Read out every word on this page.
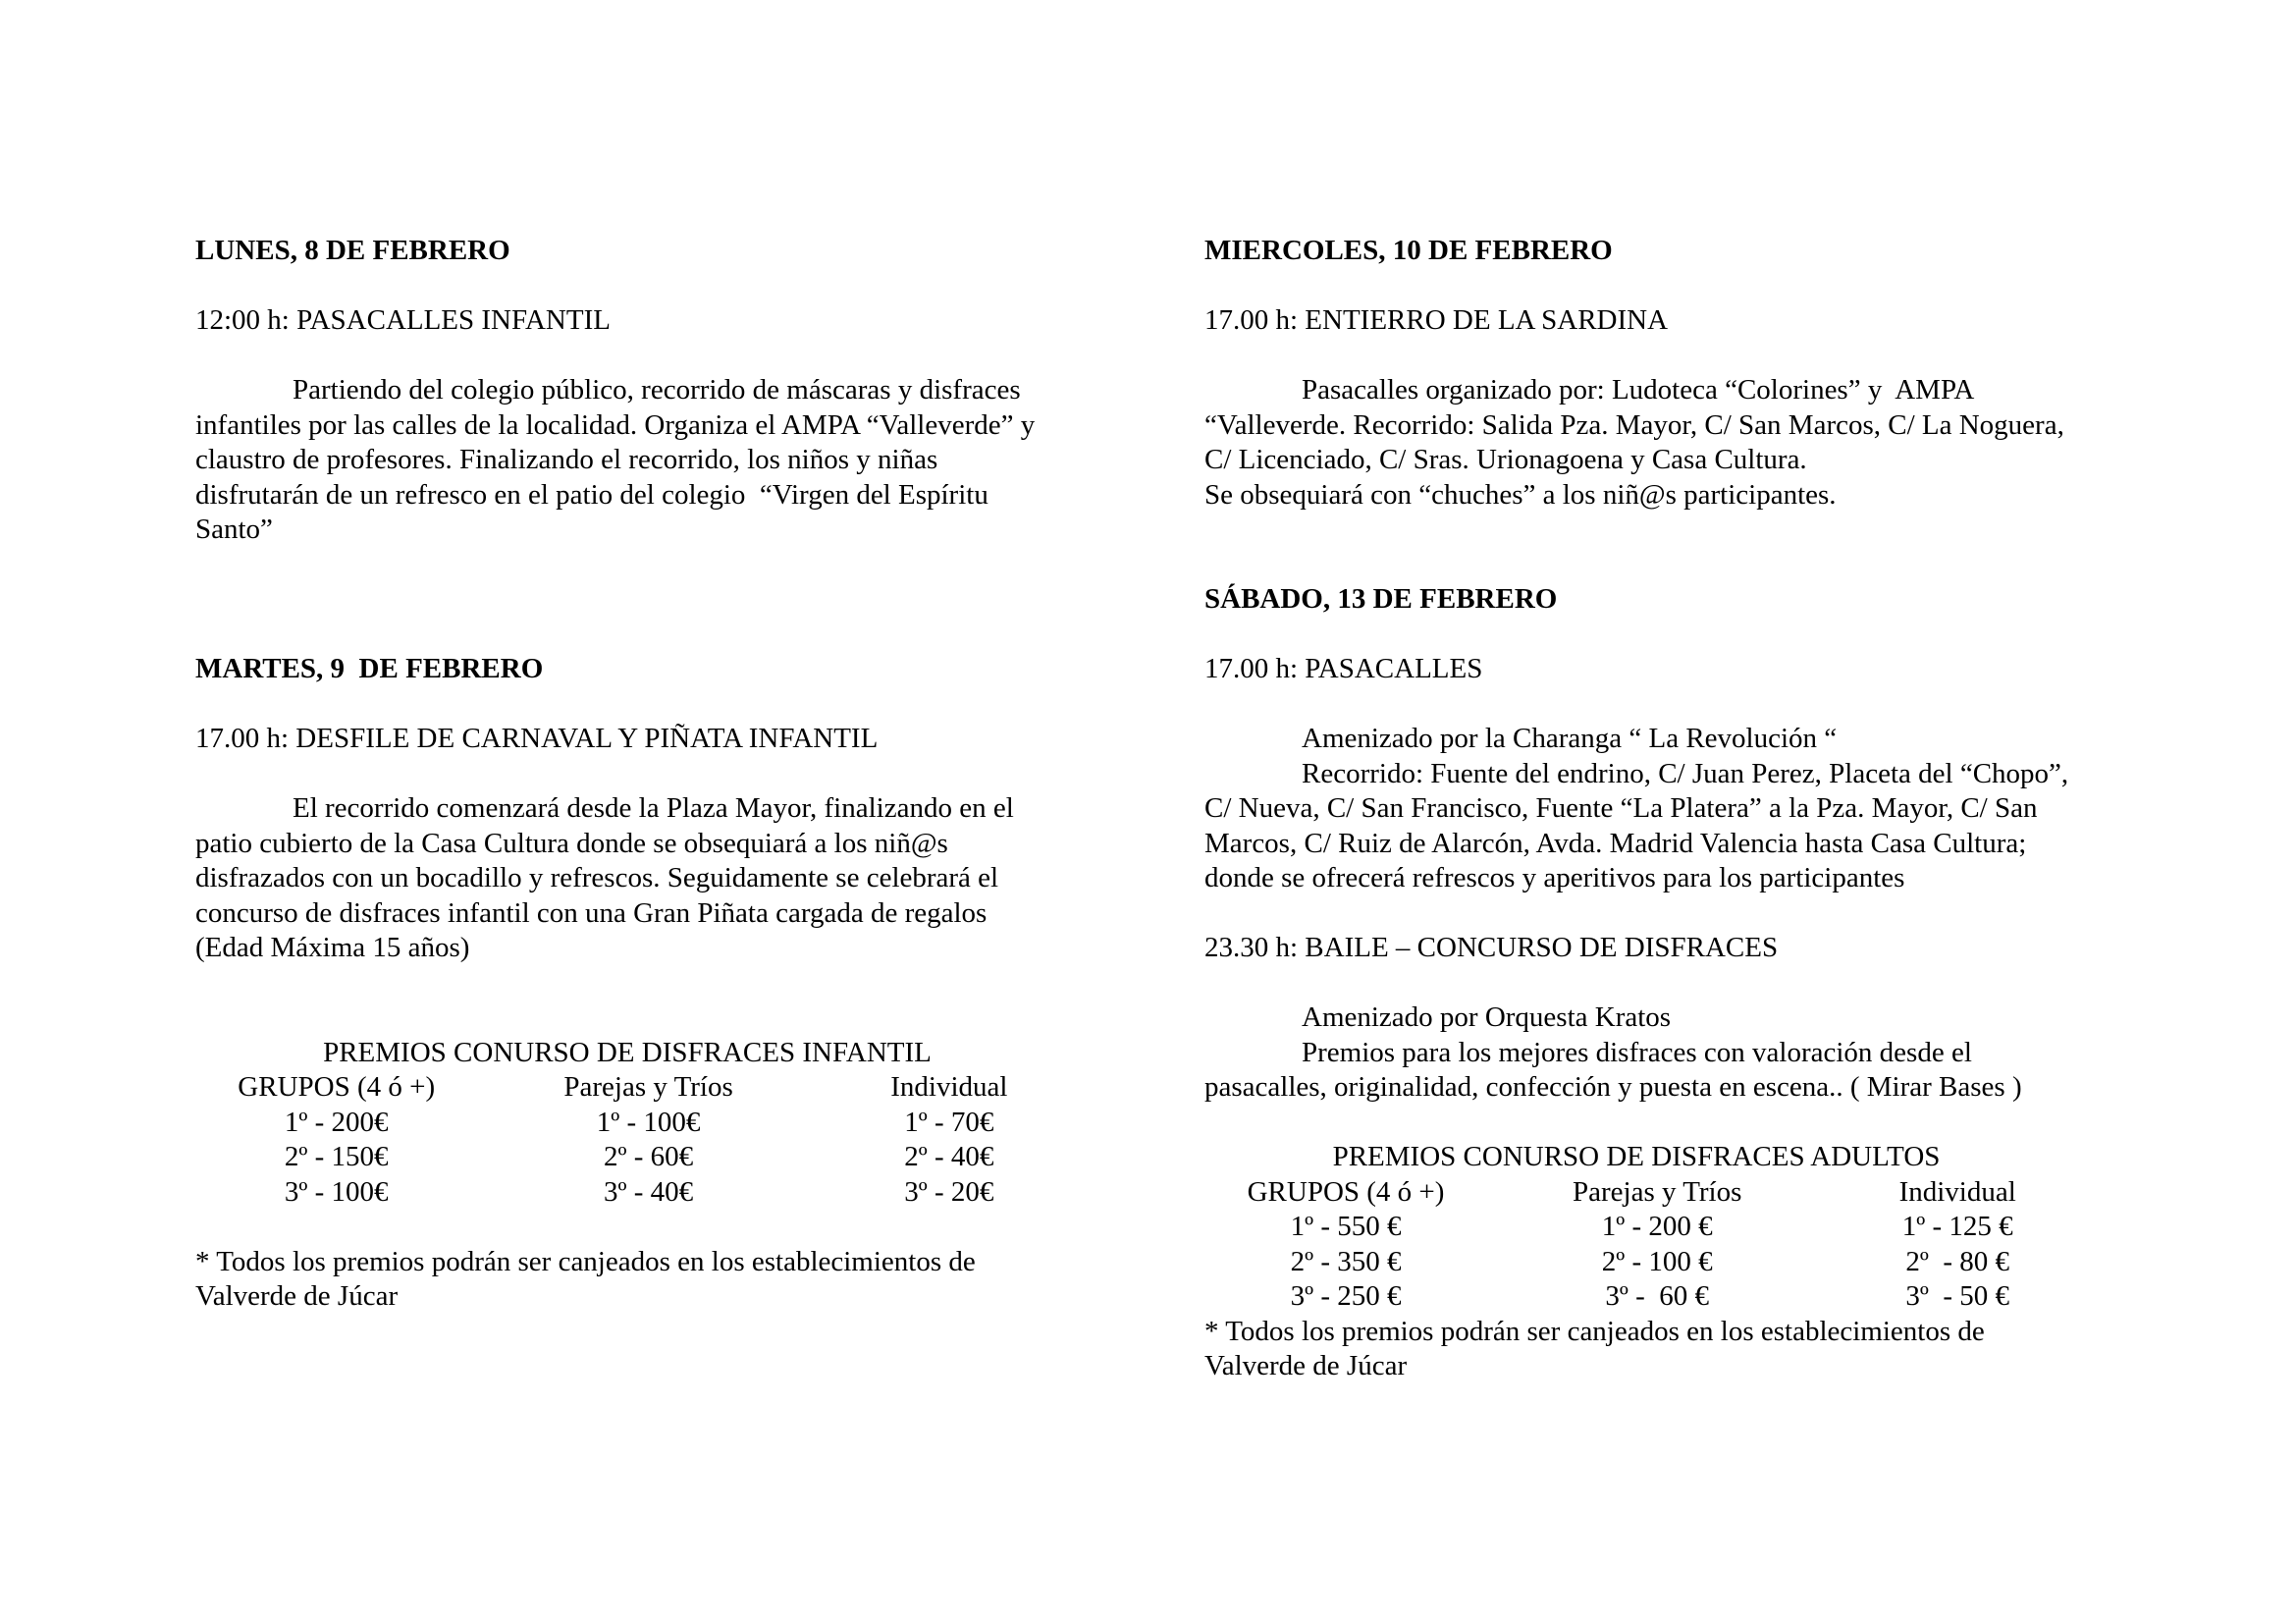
LUNES, 8 DE FEBRERO
12:00 h: PASACALLES INFANTIL
Partiendo del colegio público, recorrido de máscaras y disfraces
infantiles por las calles de la localidad. Organiza el AMPA “Valleverde” y
claustro de profesores. Finalizando el recorrido, los niños y niñas
disfrutarán de un refresco en el patio del colegio  “Virgen del Espíritu
Santo”
MARTES, 9  DE FEBRERO
17.00 h: DESFILE DE CARNAVAL Y PIÑATA INFANTIL
El recorrido comenzará desde la Plaza Mayor, finalizando en el
patio cubierto de la Casa Cultura donde se obsequiará a los niñ@s
disfrazados con un bocadillo y refrescos. Seguidamente se celebrará el
concurso de disfraces infantil con una Gran Piñata cargada de regalos
(Edad Máxima 15 años)
PREMIOS CONURSO DE DISFRACES INFANTIL
GRUPOS (4 ó +)	Parejas y Tríos	Individual
1º - 200€	1º - 100€	1º - 70€
2º - 150€	2º - 60€	2º - 40€
3º - 100€	3º - 40€	3º - 20€
* Todos los premios podrán ser canjeados en los establecimientos de
Valverde de Júcar
MIERCOLES, 10 DE FEBRERO
17.00 h: ENTIERRO DE LA SARDINA
Pasacalles organizado por: Ludoteca “Colorines” y  AMPA
“Valleverde. Recorrido: Salida Pza. Mayor, C/ San Marcos, C/ La Noguera,
C/ Licenciado, C/ Sras. Urionagoena y Casa Cultura.
Se obsequiará con “chuches” a los niñ@s participantes.
SÁBADO, 13 DE FEBRERO
17.00 h: PASACALLES
Amenizado por la Charanga “ La Revolución “
Recorrido: Fuente del endrino, C/ Juan Perez, Placeta del “Chopo”,
C/ Nueva, C/ San Francisco, Fuente “La Platera” a la Pza. Mayor, C/ San
Marcos, C/ Ruiz de Alarcón, Avda. Madrid Valencia hasta Casa Cultura;
donde se ofrecerá refrescos y aperitivos para los participantes
23.30 h: BAILE – CONCURSO DE DISFRACES
Amenizado por Orquesta Kratos
Premios para los mejores disfraces con valoración desde el
pasacalles, originalidad, confección y puesta en escena.. ( Mirar Bases )
PREMIOS CONURSO DE DISFRACES ADULTOS
GRUPOS (4 ó +)	Parejas y Tríos	Individual
1º - 550 €	1º - 200 €	1º - 125 €
2º - 350 €	2º - 100 €	2º  - 80 €
3º - 250 €	3º -  60 €	3º  - 50 €
* Todos los premios podrán ser canjeados en los establecimientos de
Valverde de Júcar
